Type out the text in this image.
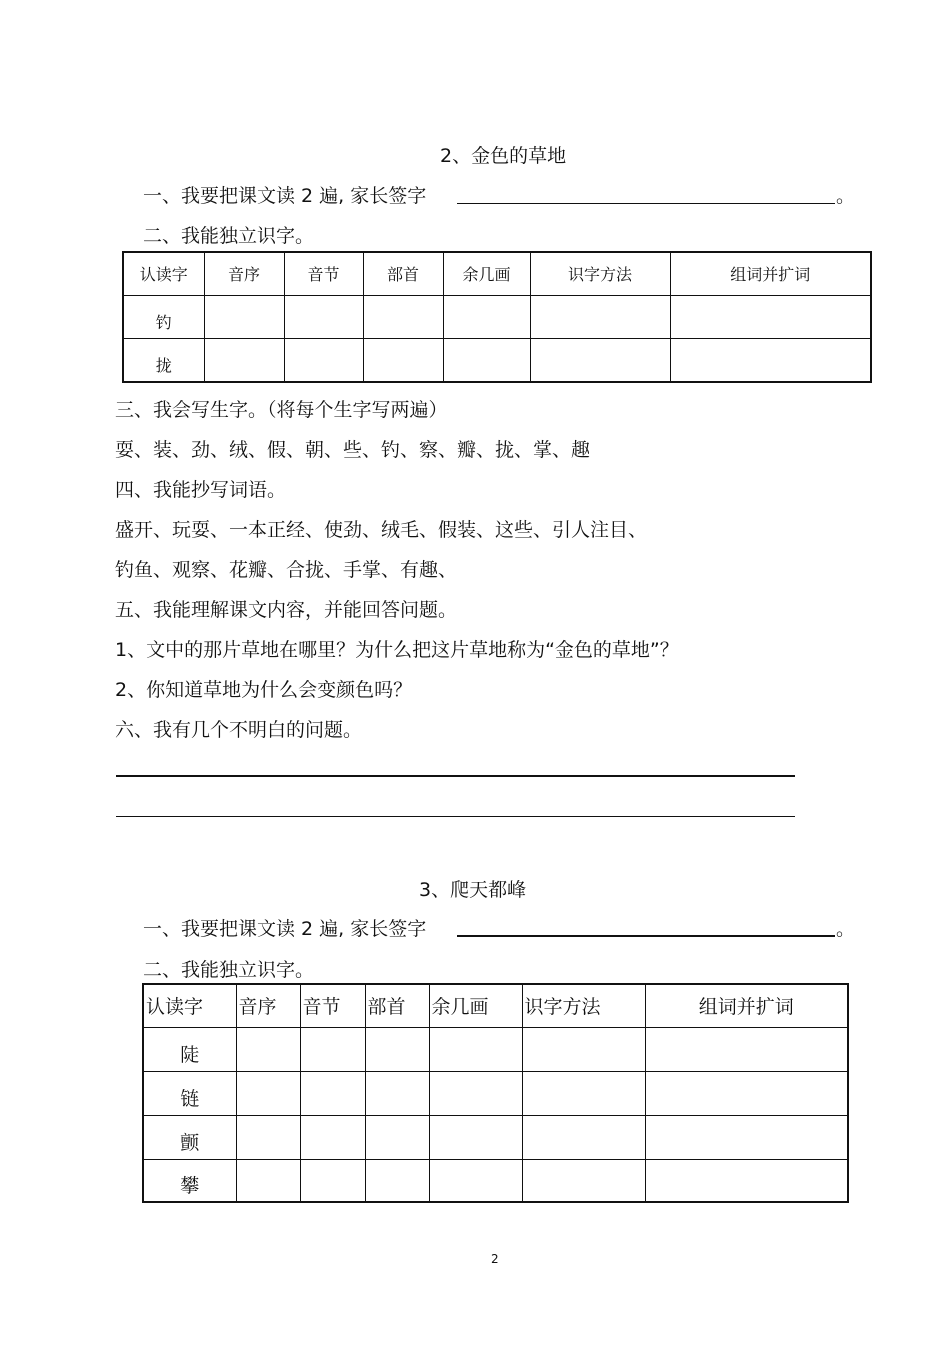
2、金色的草地
一、我要把课文读 2 遍, 家长签字	。
二、我能独立识字。
认读字	音序	音节	部首	余几画	识字方法	组词并扩词
钓						
拢						
三、我会写生字。（将每个生字写两遍）
耍、装、劲、绒、假、朝、些、钓、察、瓣、拢、掌、趣
四、我能抄写词语。
盛开、玩耍、一本正经、使劲、绒毛、假装、这些、引人注目、
钓鱼、观察、花瓣、合拢、手掌、有趣、
五、我能理解课文内容，并能回答问题。
1、文中的那片草地在哪里？为什么把这片草地称为“金色的草地”？
2、你知道草地为什么会变颜色吗？
六、我有几个不明白的问题。
3、爬天都峰
一、我要把课文读 2 遍, 家长签字	。
二、我能独立识字。
认读字	音序	音节	部首	余几画	识字方法	组词并扩词
陡						
链						
颤						
攀						
2
